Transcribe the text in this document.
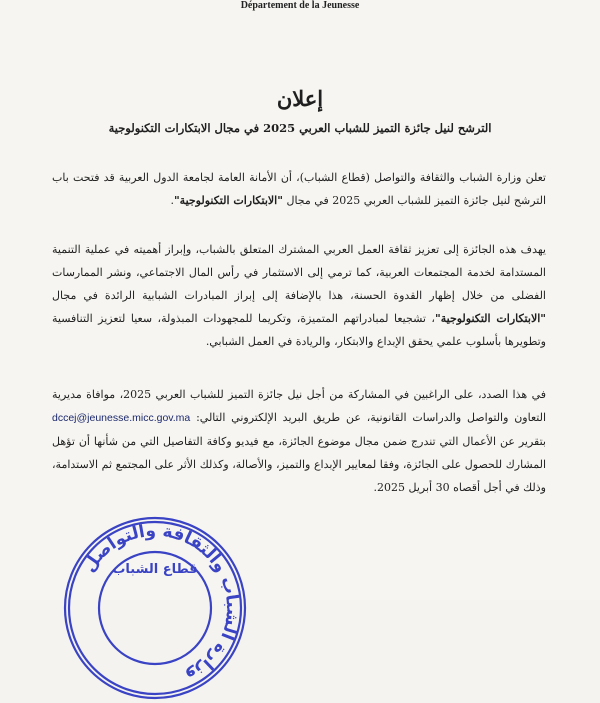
Département de la Jeunesse
إعلان
الترشح لنيل جائزة التميز للشباب العربي 2025 في مجال الابتكارات التكنولوجية

تعلن وزارة الشباب والثقافة والتواصل (قطاع الشباب)، أن الأمانة العامة لجامعة الدول العربية قد فتحت باب الترشح لنيل جائزة التميز للشباب العربي 2025 في مجال "الابتكارات التكنولوجية".

يهدف هذه الجائزة إلى تعزيز ثقافة العمل العربي المشترك المتعلق بالشباب، وإبراز أهميته في عملية التنمية المستدامة لخدمة المجتمعات العربية، كما ترمي إلى الاستثمار في رأس المال الاجتماعي، ونشر الممارسات الفضلى من خلال إظهار القدوة الحسنة، هذا بالإضافة إلى إبراز المبادرات الشبابية الرائدة في مجال "الابتكارات التكنولوجية"، تشجيعا لمبادراتهم المتميزة، وتكريما للمجهودات المبذولة، سعيا لتعزيز التنافسية وتطويرها بأسلوب علمي يحقق الإبداع والابتكار، والريادة في العمل الشبابي.

في هذا الصدد، على الراغبين في المشاركة من أجل نيل جائزة التميز للشباب العربي 2025، موافاة مديرية التعاون والتواصل والدراسات القانونية، عن طريق البريد الإلكتروني التالي: dccej@jeunesse.micc.gov.ma بتقرير عن الأعمال التي تندرج ضمن مجال موضوع الجائزة، مع فيديو وكافة التفاصيل التي من شأنها أن تؤهل المشارك للحصول على الجائزة، وفقا لمعايير الإبداع والتميز، والأصالة، وكذلك الأثر على المجتمع ثم الاستدامة، وذلك في أجل أقصاه 30 أبريل 2025.

وزارة الشباب والثقافة والتواصل
قطاع الشباب
